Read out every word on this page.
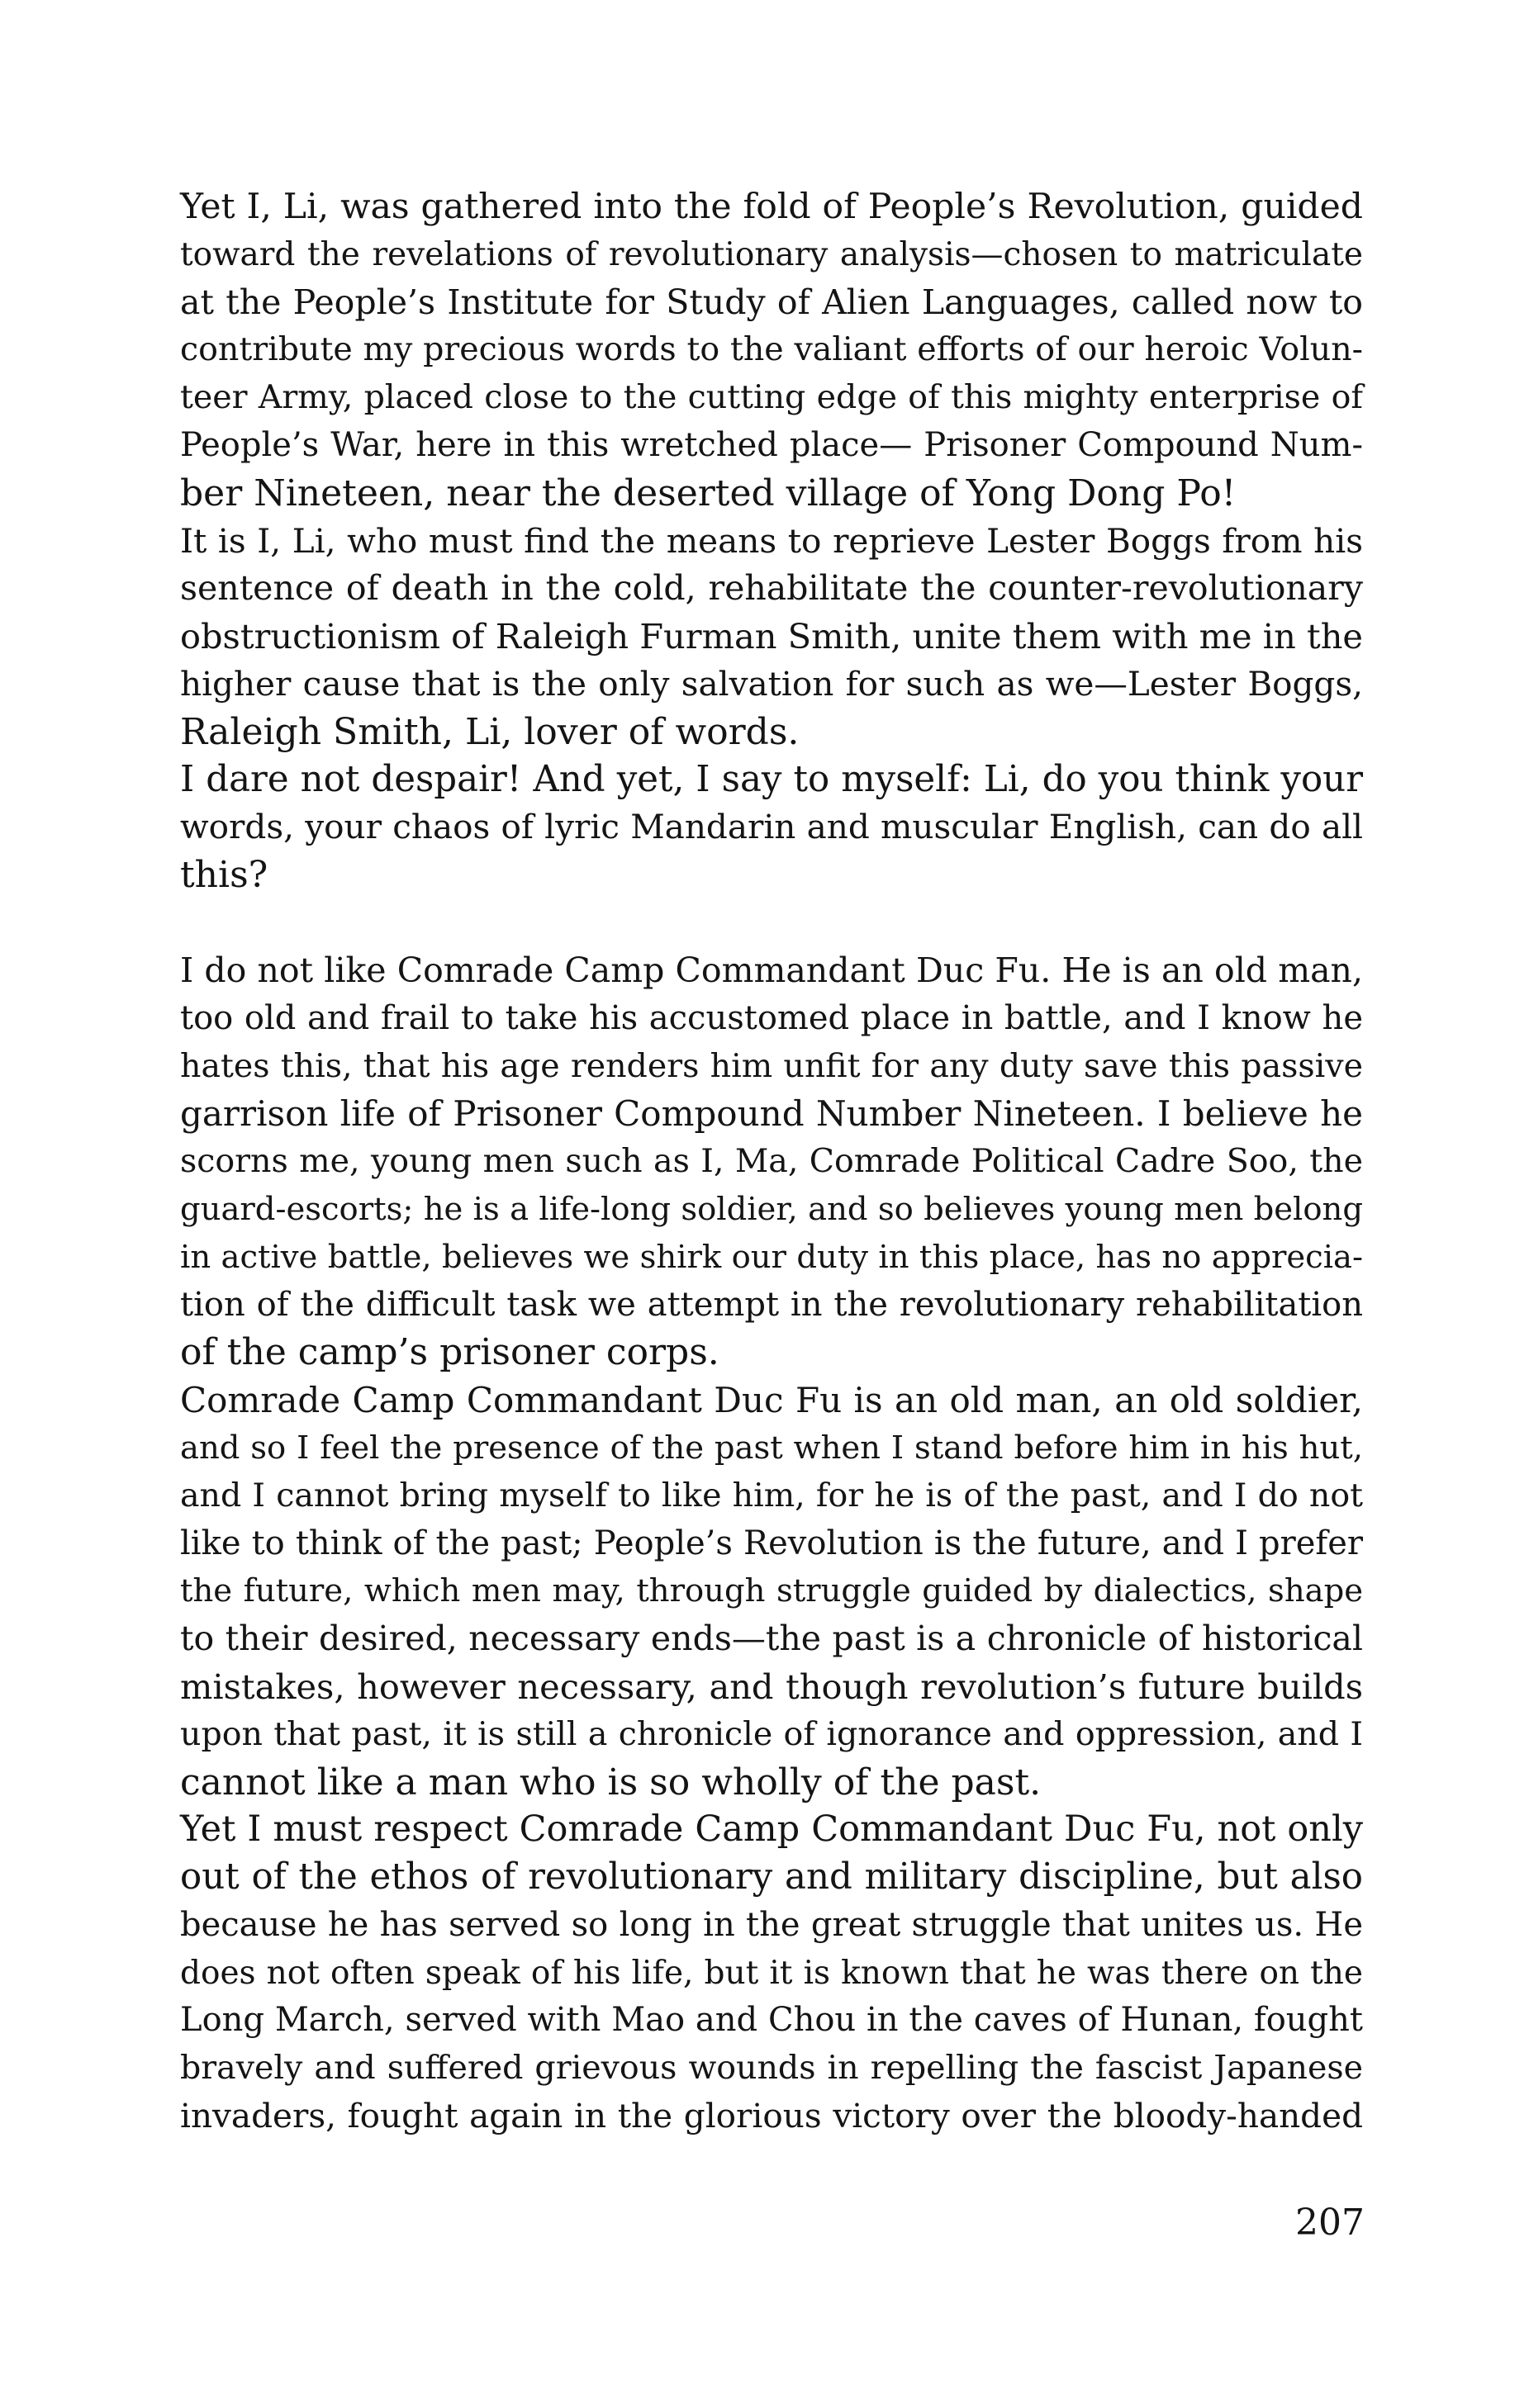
Yet I, Li, was gathered into the fold of People’s Revolution, guided
toward the revelations of revolutionary analysis—chosen to matriculate
at the People’s Institute for Study of Alien Languages, called now to
contribute my precious words to the valiant efforts of our heroic Volun-
teer Army, placed close to the cutting edge of this mighty enterprise of
People’s War, here in this wretched place— Prisoner Compound Num-
ber Nineteen, near the deserted village of Yong Dong Po!
It is I, Li, who must find the means to reprieve Lester Boggs from his
sentence of death in the cold, rehabilitate the counter-revolutionary
obstructionism of Raleigh Furman Smith, unite them with me in the
higher cause that is the only salvation for such as we—Lester Boggs,
Raleigh Smith, Li, lover of words.
I dare not despair! And yet, I say to myself: Li, do you think your
words, your chaos of lyric Mandarin and muscular English, can do all
this?
I do not like Comrade Camp Commandant Duc Fu. He is an old man,
too old and frail to take his accustomed place in battle, and I know he
hates this, that his age renders him unfit for any duty save this passive
garrison life of Prisoner Compound Number Nineteen. I believe he
scorns me, young men such as I, Ma, Comrade Political Cadre Soo, the
guard-escorts; he is a life-long soldier, and so believes young men belong
in active battle, believes we shirk our duty in this place, has no apprecia-
tion of the difficult task we attempt in the revolutionary rehabilitation
of the camp’s prisoner corps.
Comrade Camp Commandant Duc Fu is an old man, an old soldier,
and so I feel the presence of the past when I stand before him in his hut,
and I cannot bring myself to like him, for he is of the past, and I do not
like to think of the past; People’s Revolution is the future, and I prefer
the future, which men may, through struggle guided by dialectics, shape
to their desired, necessary ends—the past is a chronicle of historical
mistakes, however necessary, and though revolution’s future builds
upon that past, it is still a chronicle of ignorance and oppression, and I
cannot like a man who is so wholly of the past.
Yet I must respect Comrade Camp Commandant Duc Fu, not only
out of the ethos of revolutionary and military discipline, but also
because he has served so long in the great struggle that unites us. He
does not often speak of his life, but it is known that he was there on the
Long March, served with Mao and Chou in the caves of Hunan, fought
bravely and suffered grievous wounds in repelling the fascist Japanese
invaders, fought again in the glorious victory over the bloody-handed
207
